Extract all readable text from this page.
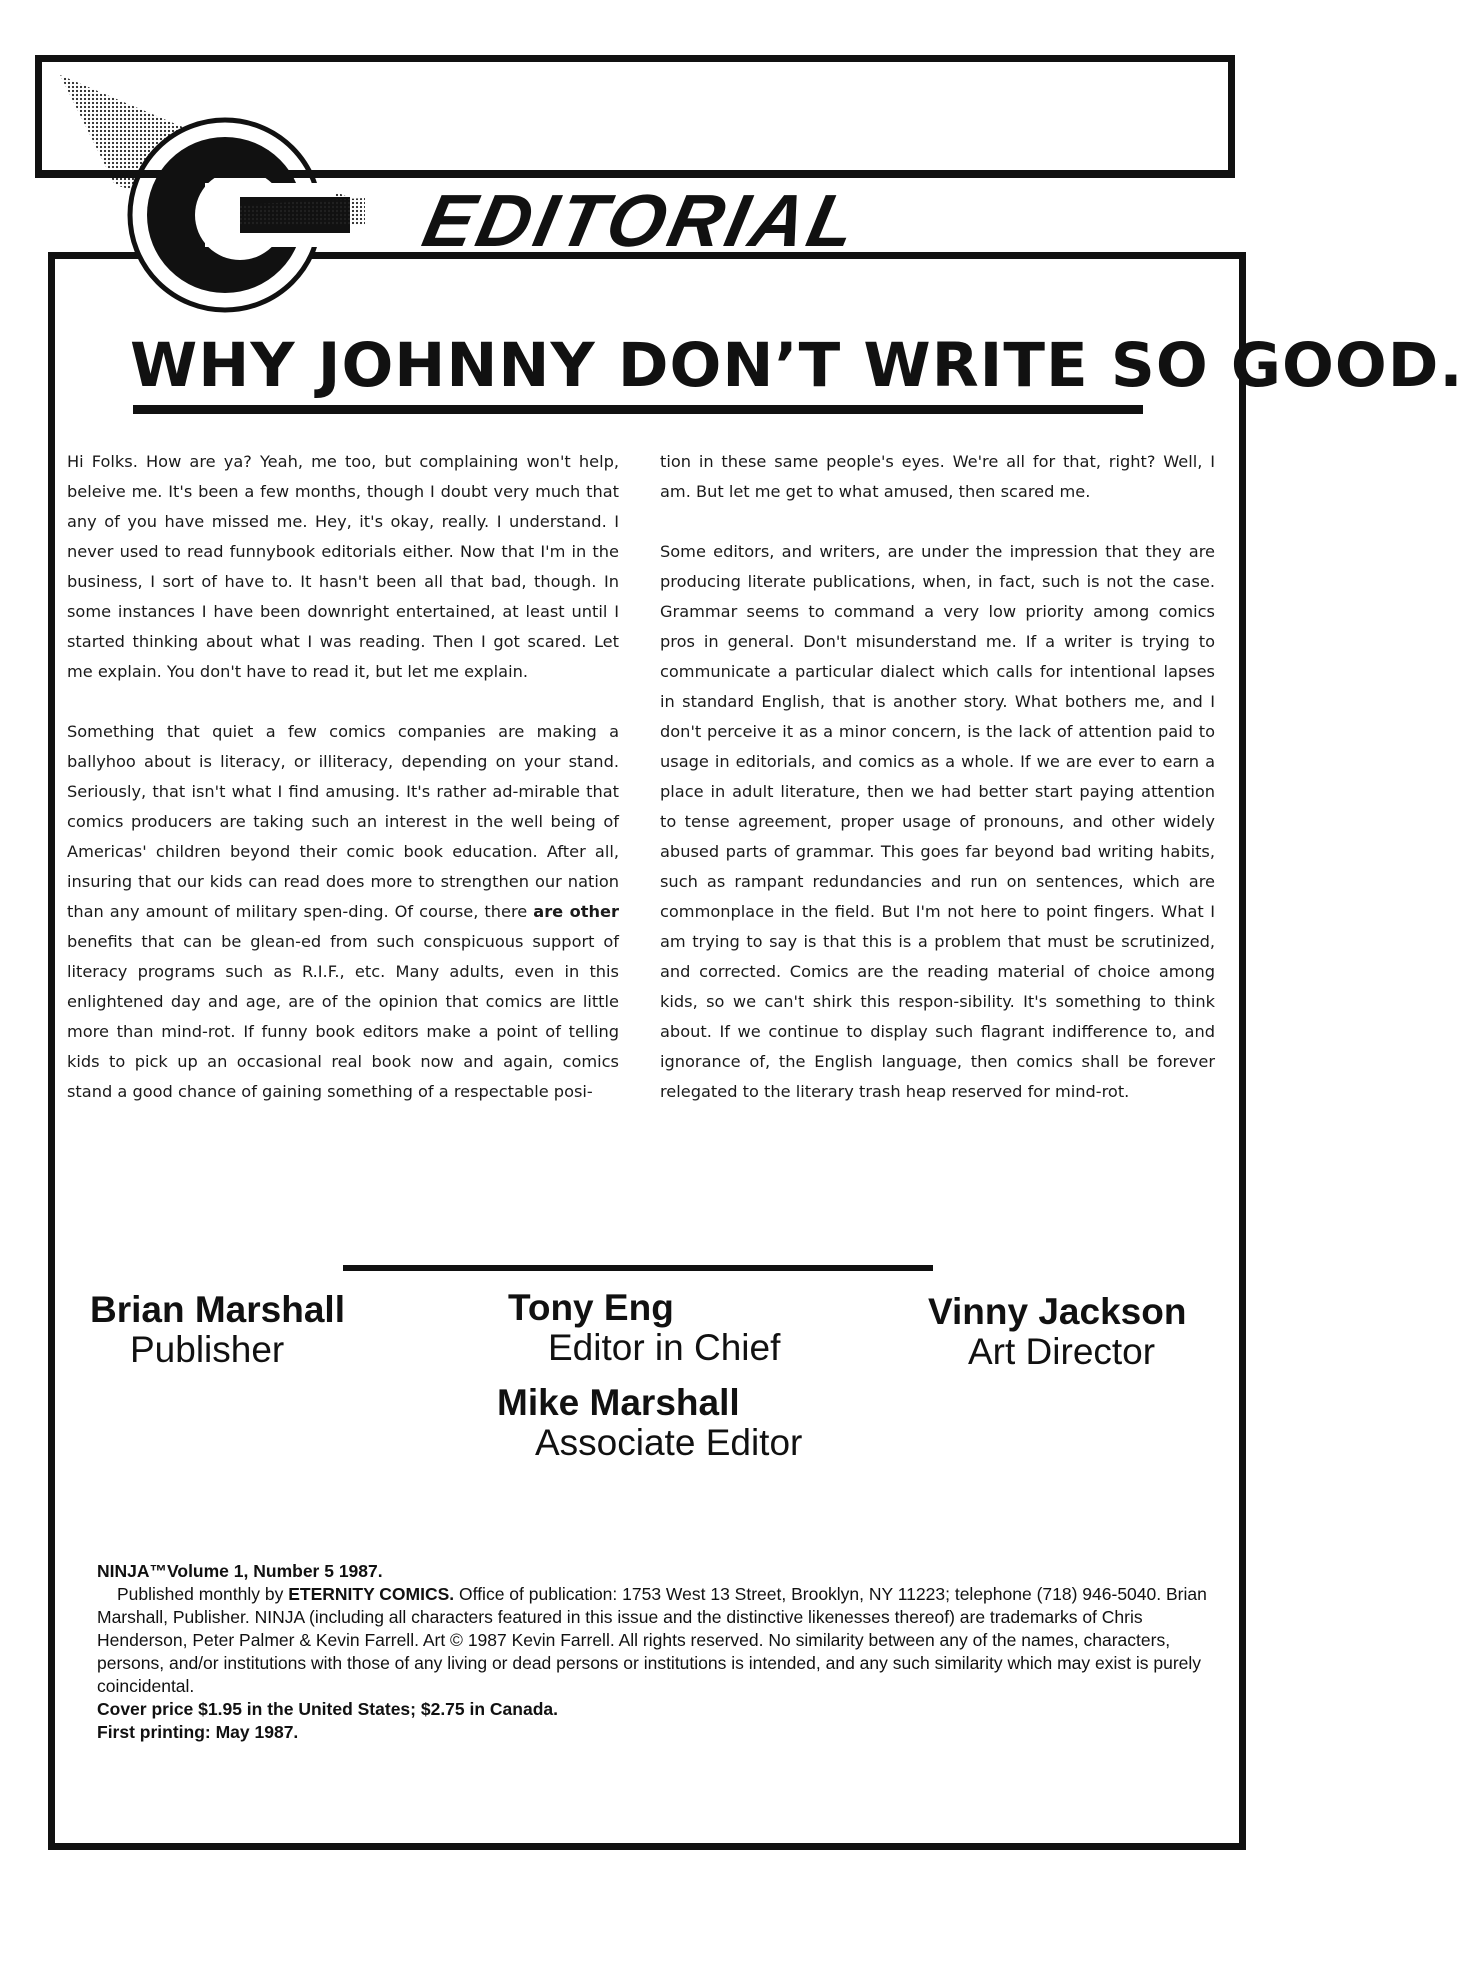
EDITORIAL
WHY JOHNNY DON’T WRITE SO GOOD.

Hi Folks. How are ya? Yeah, me too, but complaining won't help, beleive me. It's been a few months, though I doubt very much that any of you have missed me. Hey, it's okay, really. I understand. I never used to read funnybook editorials either. Now that I'm in the business, I sort of have to. It hasn't been all that bad, though. In some instances I have been downright entertained, at least until I started thinking about what I was reading. Then I got scared. Let me explain. You don't have to read it, but let me explain.

Something that quiet a few comics companies are making a ballyhoo about is literacy, or illiteracy, depending on your stand. Seriously, that isn't what I find amusing. It's rather ad-mirable that comics producers are taking such an interest in the well being of Americas' children beyond their comic book education. After all, insuring that our kids can read does more to strengthen our nation than any amount of military spen-ding. Of course, there are other benefits that can be glean-ed from such conspicuous support of literacy programs such as R.I.F., etc. Many adults, even in this enlightened day and age, are of the opinion that comics are little more than mind-rot. If funny book editors make a point of telling kids to pick up an occasional real book now and again, comics stand a good chance of gaining something of a respectable posi-

tion in these same people's eyes. We're all for that, right? Well, I am. But let me get to what amused, then scared me.

Some editors, and writers, are under the impression that they are producing literate publications, when, in fact, such is not the case. Grammar seems to command a very low priority among comics pros in general. Don't misunderstand me. If a writer is trying to communicate a particular dialect which calls for intentional lapses in standard English, that is another story. What bothers me, and I don't perceive it as a minor concern, is the lack of attention paid to usage in editorials, and comics as a whole. If we are ever to earn a place in adult literature, then we had better start paying attention to tense agreement, proper usage of pronouns, and other widely abused parts of grammar. This goes far beyond bad writing habits, such as rampant redundancies and run on sentences, which are commonplace in the field. But I'm not here to point fingers. What I am trying to say is that this is a problem that must be scrutinized, and corrected. Comics are the reading material of choice among kids, so we can't shirk this respon-sibility. It's something to think about. If we continue to display such flagrant indifference to, and ignorance of, the English language, then comics shall be forever relegated to the literary trash heap reserved for mind-rot.

Brian Marshall
Publisher
Tony Eng
Editor in Chief
Vinny Jackson
Art Director
Mike Marshall
Associate Editor
NINJA™Volume 1, Number 5 1987.
Published monthly by ETERNITY COMICS. Office of publication: 1753 West 13 Street, Brooklyn, NY 11223; telephone (718) 946-5040. Brian Marshall, Publisher. NINJA (including all characters featured in this issue and the distinctive likenesses thereof) are trademarks of Chris Henderson, Peter Palmer & Kevin Farrell. Art © 1987 Kevin Farrell. All rights reserved. No similarity between any of the names, characters, persons, and/or institutions with those of any living or dead persons or institutions is intended, and any such similarity which may exist is purely coincidental.
Cover price $1.95 in the United States; $2.75 in Canada.
First printing: May 1987.
